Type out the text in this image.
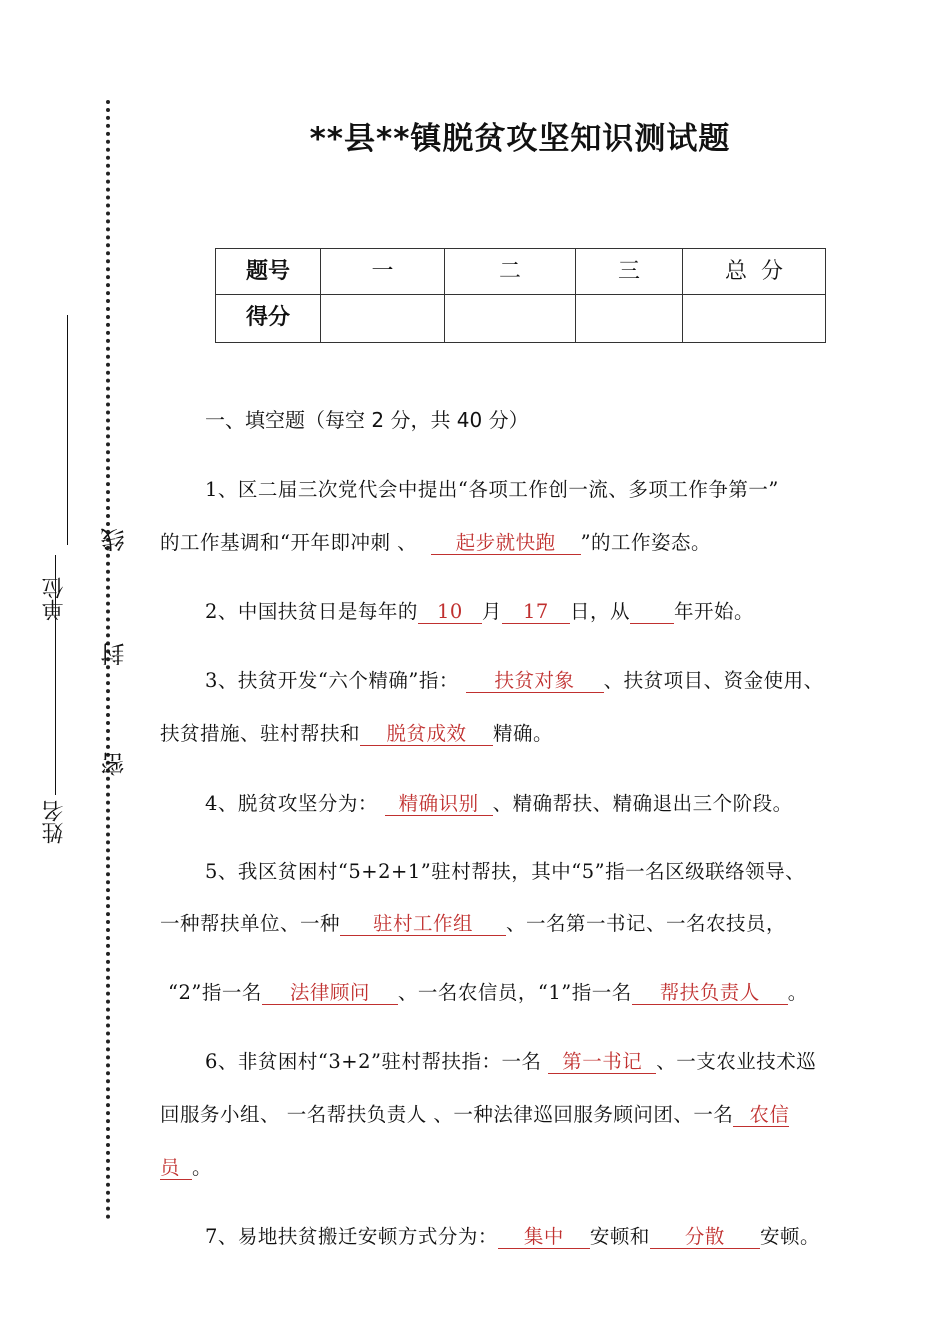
姓名
单位
线
封
密
**县**镇脱贫攻坚知识测试题
题号	一	二	三	总  分
得分				
一、填空题（每空 2 分，共 40 分）
1、区二届三次党代会中提出“各项工作创一流、多项工作争第一”
的工作基调和“开年即冲刺 、 起步就快跑 ”的工作姿态。
2、中国扶贫日是每年的 10 月 17 日，从 年开始。
3、扶贫开发“六个精确”指： 扶贫对象 、扶贫项目、资金使用、
扶贫措施、驻村帮扶和 脱贫成效 精确。
4、脱贫攻坚分为： 精确识别 、精确帮扶、精确退出三个阶段。
5、我区贫困村“5+2+1”驻村帮扶，其中“5”指一名区级联络领导、
一种帮扶单位、一种 驻村工作组 、一名第一书记、一名农技员，
“2”指一名 法律顾问 、一名农信员，“1”指一名 帮扶负责人 。
6、非贫困村“3+2”驻村帮扶指：一名 第一书记 、一支农业技术巡
回服务小组、 一名帮扶负责人 、一种法律巡回服务顾问团、一名 农信
员 。
7、易地扶贫搬迁安顿方式分为： 集中 安顿和 分散 安顿。
